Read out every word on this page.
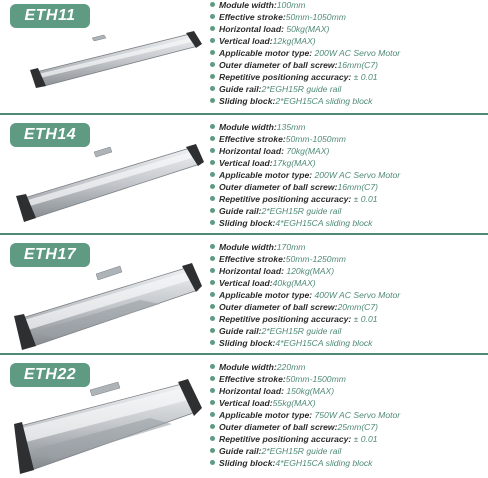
ETH11
Module width:100mm
Effective stroke:50mm-1050mm
Horizontal load: 50kg(MAX)
Vertical load:12kg(MAX)
Applicable motor type: 200W AC Servo Motor
Outer diameter of ball screw:16mm(C7)
Repetitive positioning accuracy: ± 0.01
Guide rail:2*EGH15R guide rail
Sliding block:2*EGH15CA sliding block
ETH14	Module width:135mm
Effective stroke:50mm-1050mm
Horizontal load: 70kg(MAX)
Vertical load:17kg(MAX)
Applicable motor type: 200W AC Servo Motor
Outer diameter of ball screw:16mm(C7)
Repetitive positioning accuracy: ± 0.01
Guide rail:2*EGH15R guide rail
Sliding block:4*EGH15CA sliding block
ETH17	Module width:170mm
Effective stroke:50mm-1250mm
Horizontal load: 120kg(MAX)
Vertical load:40kg(MAX)
Applicable motor type: 400W AC Servo Motor
Outer diameter of ball screw:20mm(C7)
Repetitive positioning accuracy: ± 0.01
Guide rail:2*EGH15R guide rail
Sliding block:4*EGH15CA sliding block
ETH22	Module width:220mm
Effective stroke:50mm-1500mm
Horizontal load: 150kg(MAX)
Vertical load:55kg(MAX)
Applicable motor type: 750W AC Servo Motor
Outer diameter of ball screw:25mm(C7)
Repetitive positioning accuracy: ± 0.01
Guide rail:2*EGH15R guide rail
Sliding block:4*EGH15CA sliding block
